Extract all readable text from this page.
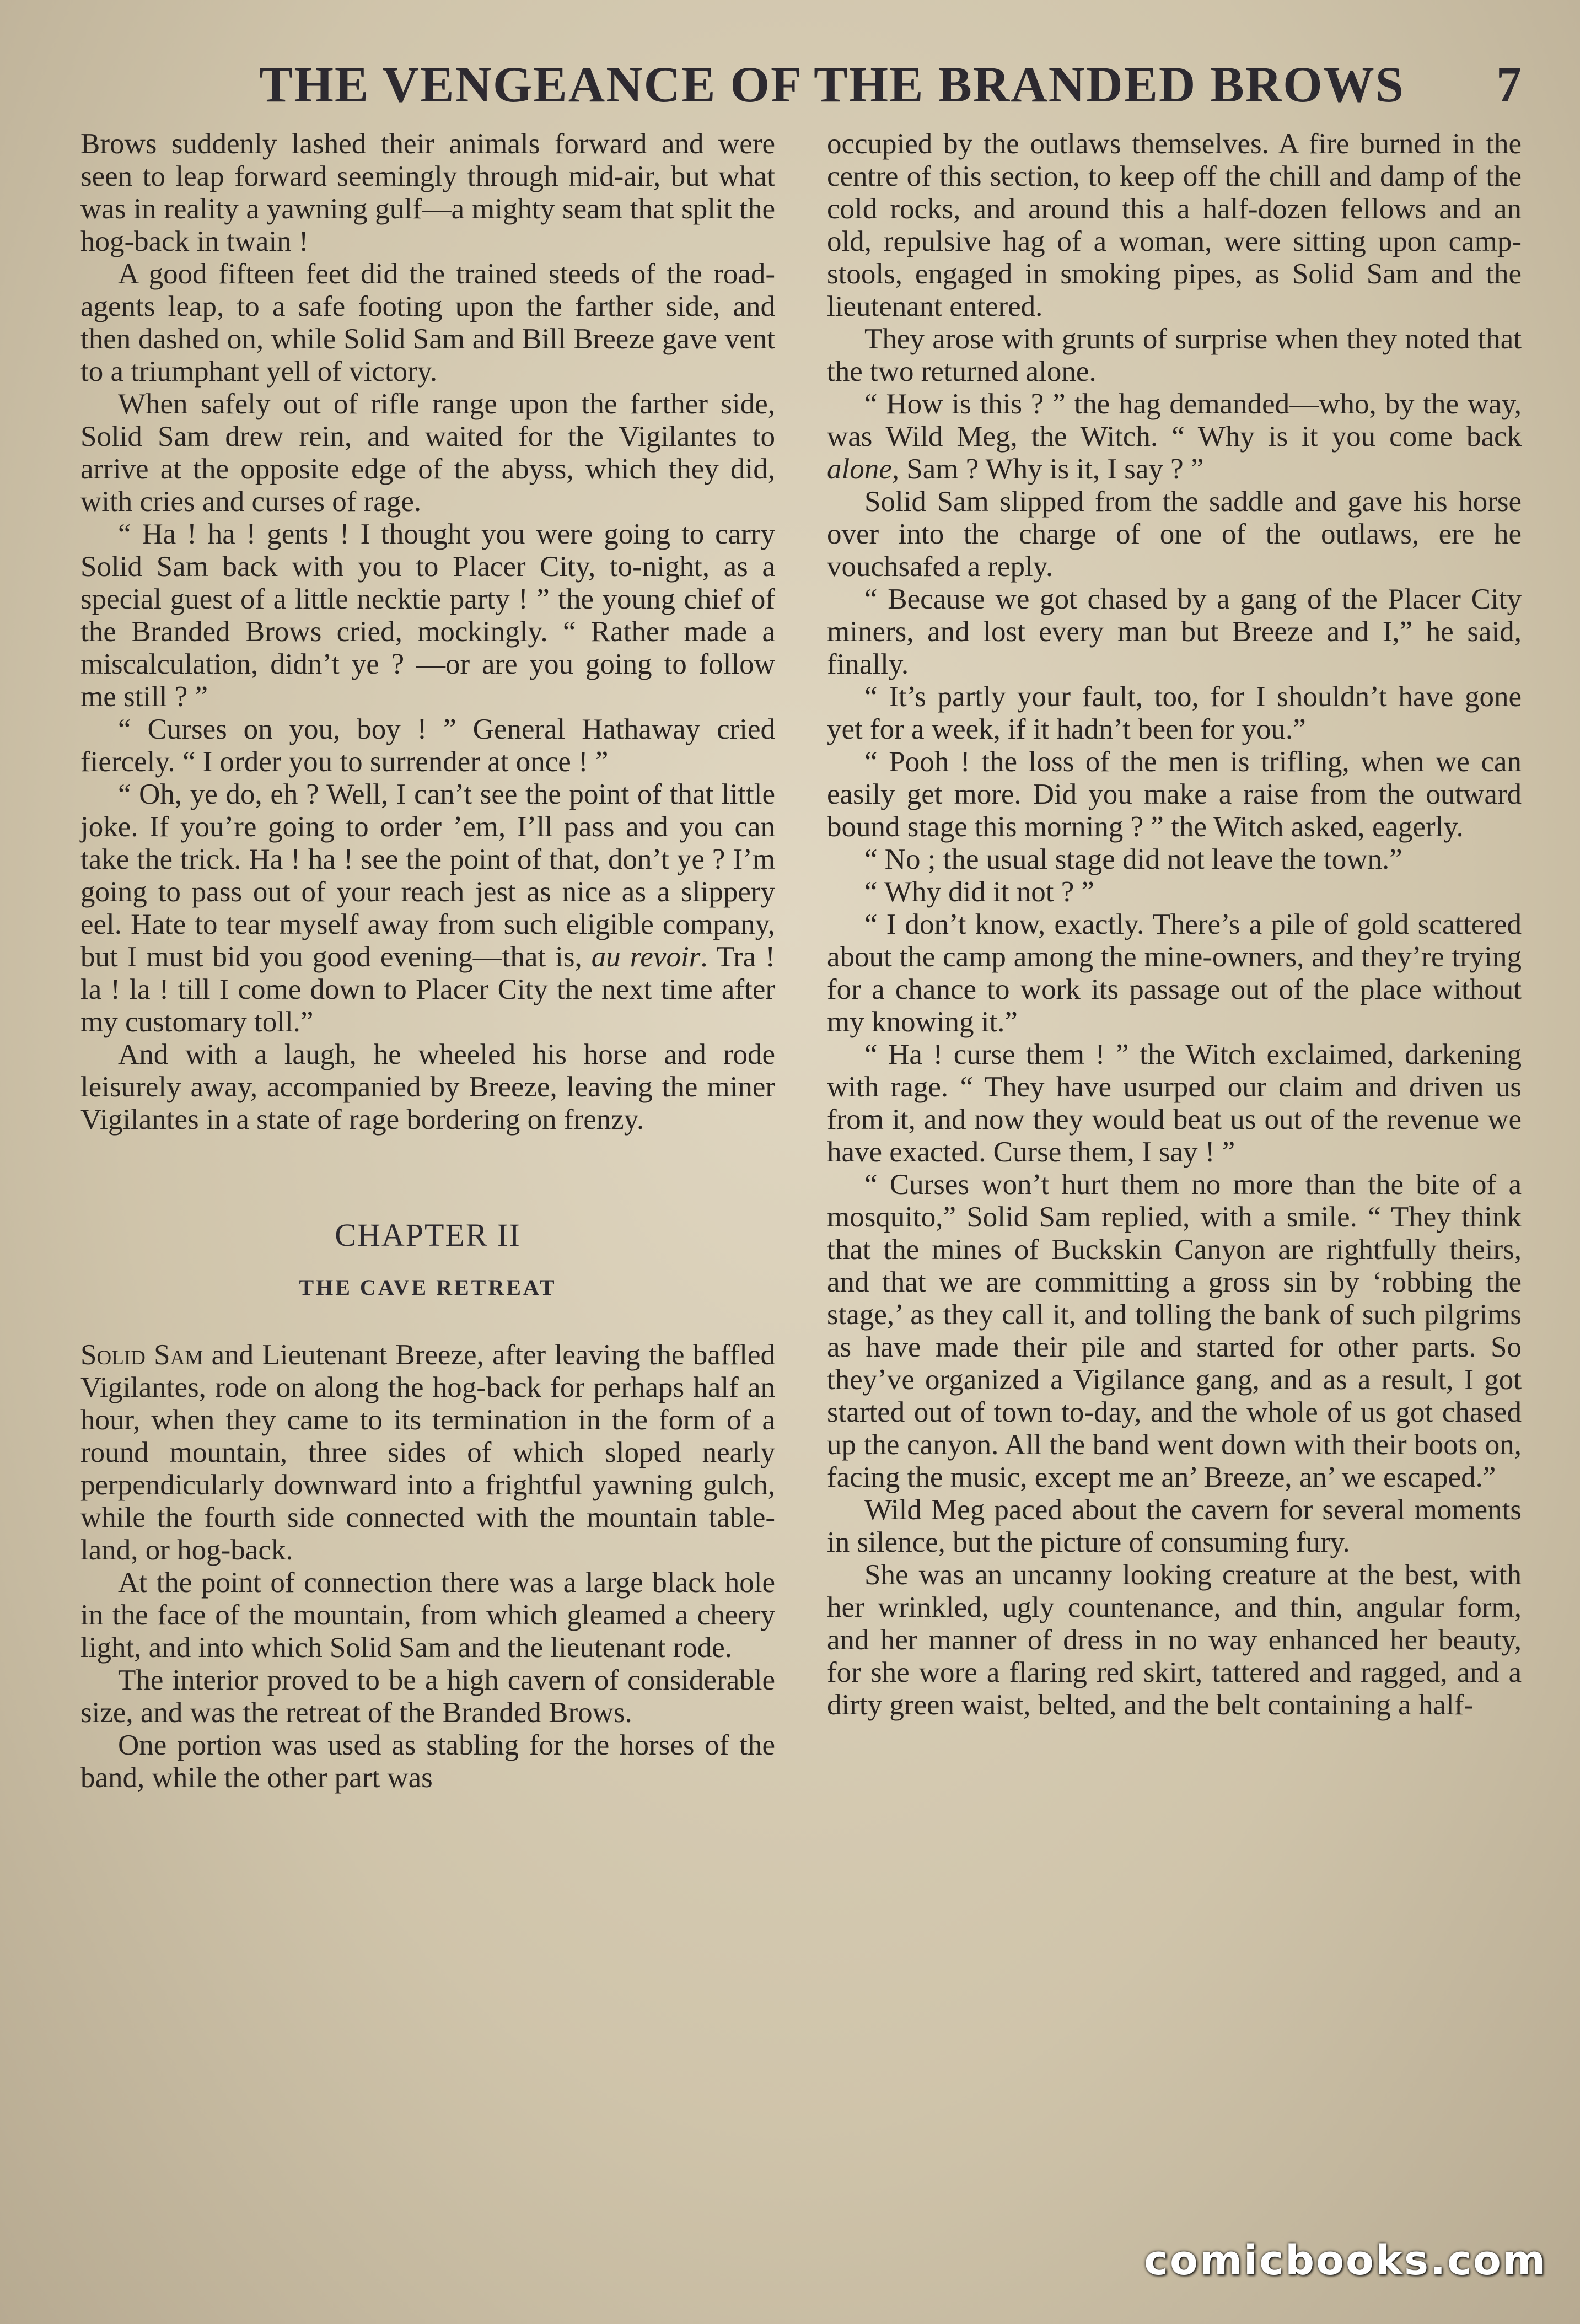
THE VENGEANCE OF THE BRANDED BROWS 7

Brows suddenly lashed their animals forward and were seen to leap forward seemingly through mid-air, but what was in reality a yawning gulf—a mighty seam that split the hog-back in twain !

A good fifteen feet did the trained steeds of the road-agents leap, to a safe footing upon the farther side, and then dashed on, while Solid Sam and Bill Breeze gave vent to a triumphant yell of victory.

When safely out of rifle range upon the farther side, Solid Sam drew rein, and waited for the Vigilantes to arrive at the opposite edge of the abyss, which they did, with cries and curses of rage.

“ Ha ! ha ! gents ! I thought you were going to carry Solid Sam back with you to Placer City, to-night, as a special guest of a little necktie party ! ” the young chief of the Branded Brows cried, mockingly. “ Rather made a miscalculation, didn’t ye ? —or are you going to follow me still ? ”

“ Curses on you, boy ! ” General Hathaway cried fiercely. “ I order you to surrender at once ! ”

“ Oh, ye do, eh ? Well, I can’t see the point of that little joke. If you’re going to order ’em, I’ll pass and you can take the trick. Ha ! ha ! see the point of that, don’t ye ? I’m going to pass out of your reach jest as nice as a slippery eel. Hate to tear myself away from such eligible company, but I must bid you good evening—that is, au revoir. Tra ! la ! la ! till I come down to Placer City the next time after my customary toll.”

And with a laugh, he wheeled his horse and rode leisurely away, accompanied by Breeze, leaving the miner Vigilantes in a state of rage bordering on frenzy.

CHAPTER II
THE CAVE RETREAT

Solid Sam and Lieutenant Breeze, after leaving the baffled Vigilantes, rode on along the hog-back for perhaps half an hour, when they came to its termination in the form of a round mountain, three sides of which sloped nearly perpendicularly downward into a frightful yawning gulch, while the fourth side connected with the mountain table-land, or hog-back.

At the point of connection there was a large black hole in the face of the mountain, from which gleamed a cheery light, and into which Solid Sam and the lieutenant rode.

The interior proved to be a high cavern of considerable size, and was the retreat of the Branded Brows.

One portion was used as stabling for the horses of the band, while the other part was

occupied by the outlaws themselves. A fire burned in the centre of this section, to keep off the chill and damp of the cold rocks, and around this a half-dozen fellows and an old, repulsive hag of a woman, were sitting upon camp-stools, engaged in smoking pipes, as Solid Sam and the lieutenant entered.

They arose with grunts of surprise when they noted that the two returned alone.

“ How is this ? ” the hag demanded—who, by the way, was Wild Meg, the Witch. “ Why is it you come back alone, Sam ? Why is it, I say ? ”

Solid Sam slipped from the saddle and gave his horse over into the charge of one of the outlaws, ere he vouchsafed a reply.

“ Because we got chased by a gang of the Placer City miners, and lost every man but Breeze and I,” he said, finally.

“ It’s partly your fault, too, for I shouldn’t have gone yet for a week, if it hadn’t been for you.”

“ Pooh ! the loss of the men is trifling, when we can easily get more. Did you make a raise from the outward bound stage this morning ? ” the Witch asked, eagerly.

“ No ; the usual stage did not leave the town.”

“ Why did it not ? ”

“ I don’t know, exactly. There’s a pile of gold scattered about the camp among the mine-owners, and they’re trying for a chance to work its passage out of the place without my knowing it.”

“ Ha ! curse them ! ” the Witch exclaimed, darkening with rage. “ They have usurped our claim and driven us from it, and now they would beat us out of the revenue we have exacted. Curse them, I say ! ”

“ Curses won’t hurt them no more than the bite of a mosquito,” Solid Sam replied, with a smile. “ They think that the mines of Buckskin Canyon are rightfully theirs, and that we are committing a gross sin by ‘robbing the stage,’ as they call it, and tolling the bank of such pilgrims as have made their pile and started for other parts. So they’ve organized a Vigilance gang, and as a result, I got started out of town to-day, and the whole of us got chased up the canyon. All the band went down with their boots on, facing the music, except me an’ Breeze, an’ we escaped.”

Wild Meg paced about the cavern for several moments in silence, but the picture of consuming fury.

She was an uncanny looking creature at the best, with her wrinkled, ugly countenance, and thin, angular form, and her manner of dress in no way enhanced her beauty, for she wore a flaring red skirt, tattered and ragged, and a dirty green waist, belted, and the belt containing a half-

comicbooks.com
